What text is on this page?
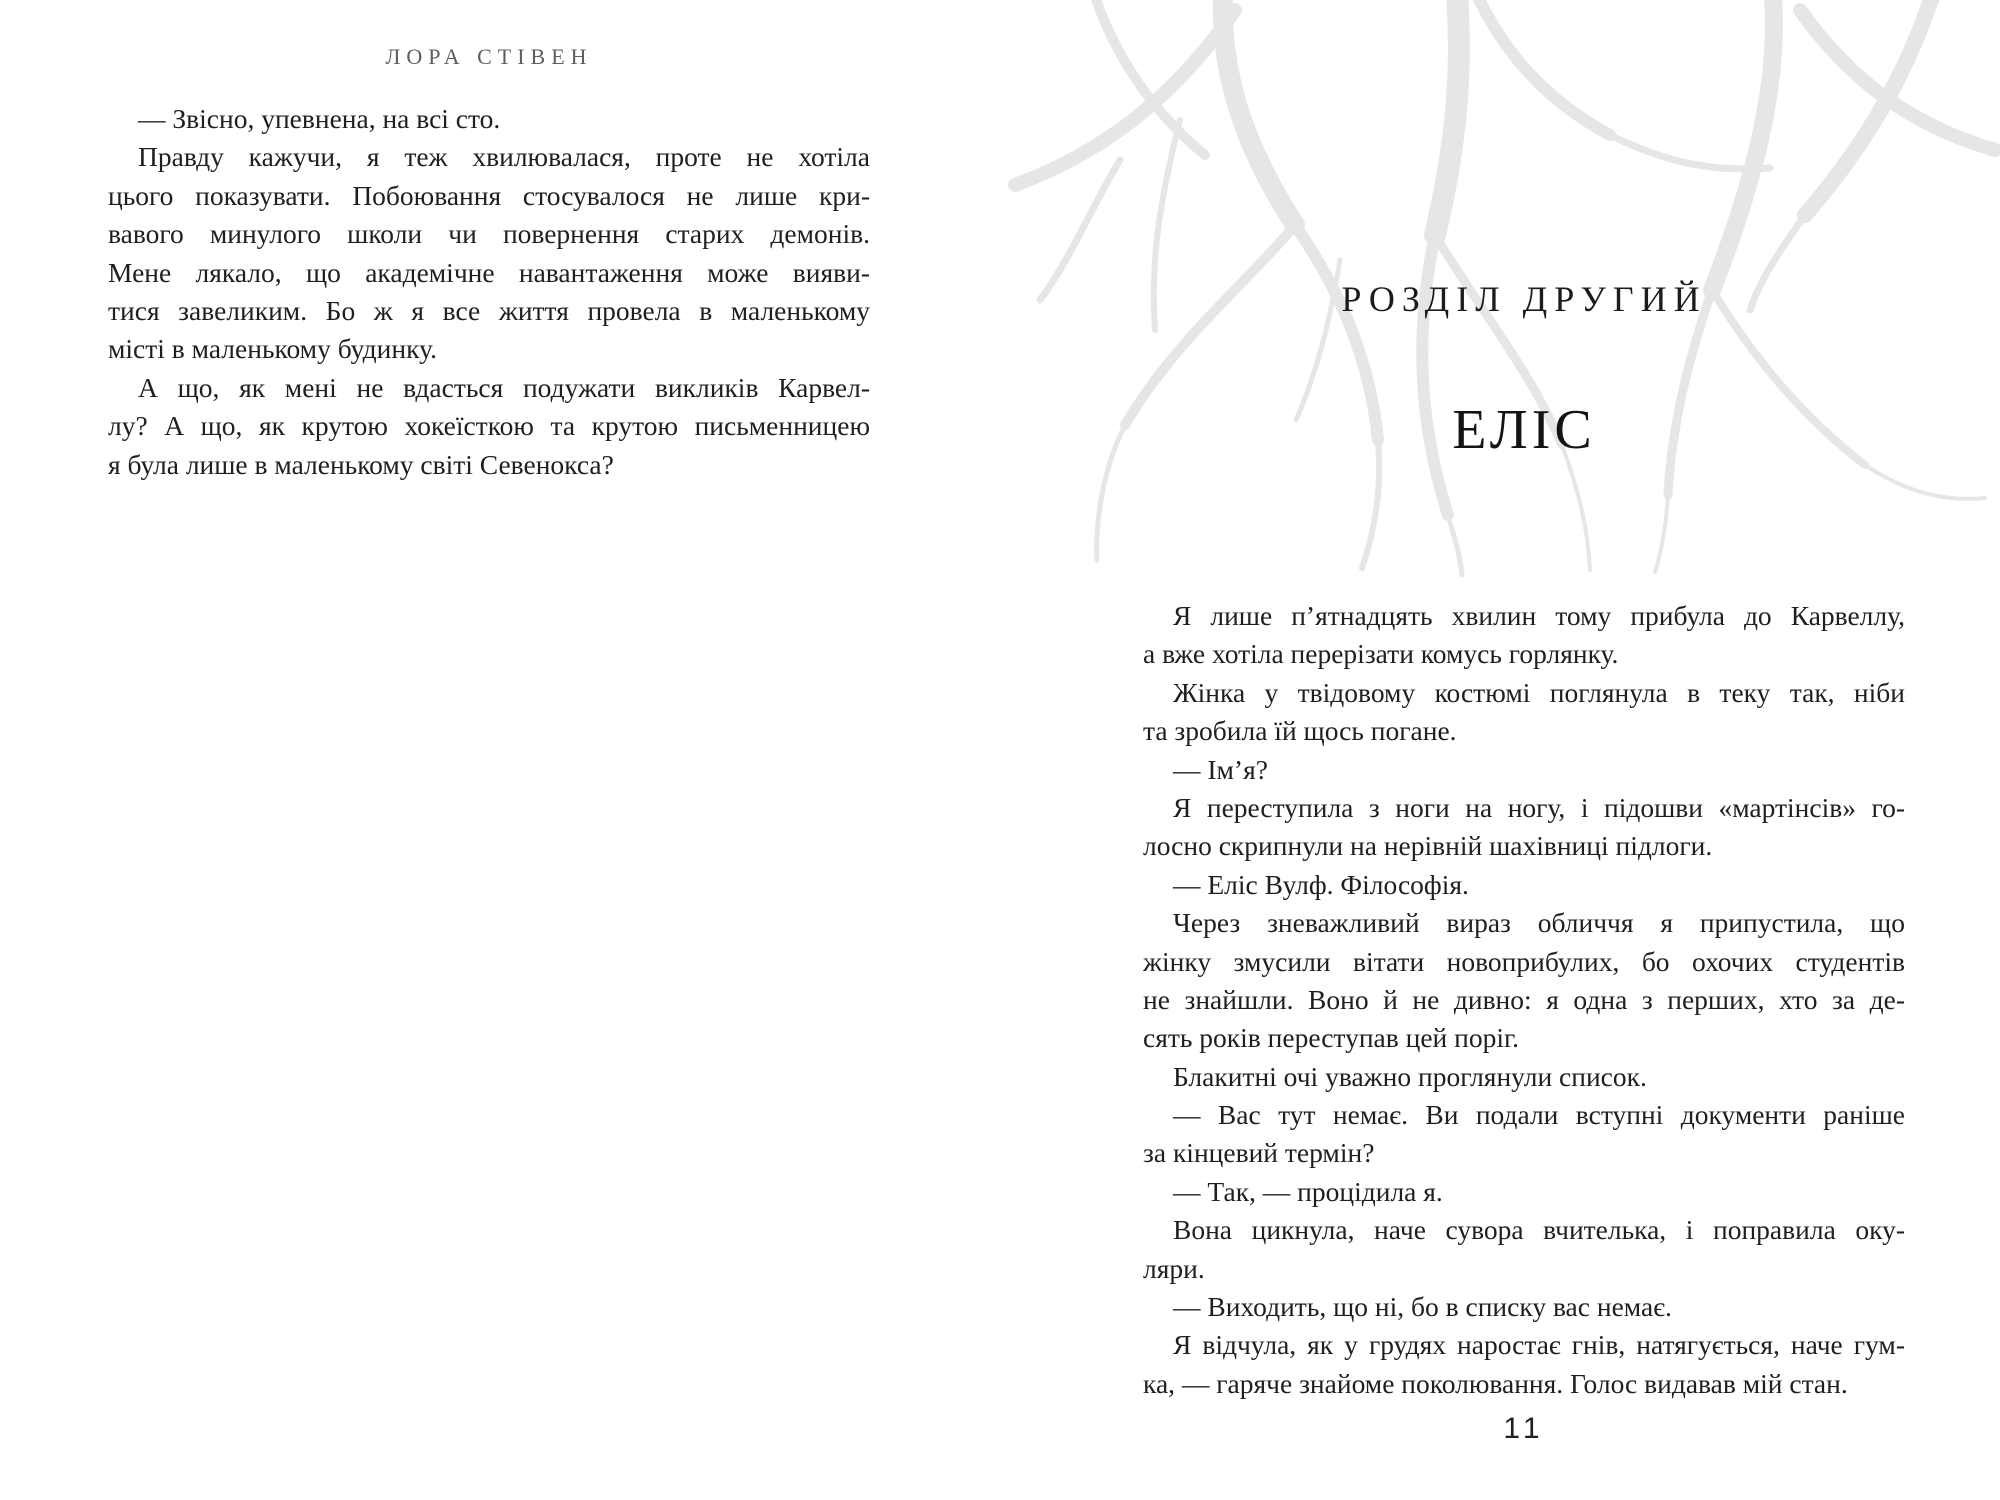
ЛОРА СТІВЕН
— Звісно, упевнена, на всі сто.
Правду кажучи, я теж хвилювалася, проте не хотіла
цього показувати. Побоювання стосувалося не лише кри-
вавого минулого школи чи повернення старих демонів.
Мене лякало, що академічне навантаження може вияви-
тися завеликим. Бо ж я все життя провела в маленькому
місті в маленькому будинку.
А що, як мені не вдасться подужати викликів Карвел-
лу? А що, як крутою хокеїсткою та крутою письменницею
я була лише в маленькому світі Севенокса?
РОЗДІЛ ДРУГИЙ
ЕЛІС
Я лише п’ятнадцять хвилин тому прибула до Карвеллу,
а вже хотіла перерізати комусь горлянку.
Жінка у твідовому костюмі поглянула в теку так, ніби
та зробила їй щось погане.
— Ім’я?
Я переступила з ноги на ногу, і підошви «мартінсів» го-
лосно скрипнули на нерівній шахівниці підлоги.
— Еліс Вулф. Філософія.
Через зневажливий вираз обличчя я припустила, що
жінку змусили вітати новоприбулих, бо охочих студентів
не знайшли. Воно й не дивно: я одна з перших, хто за де-
сять років переступав цей поріг.
Блакитні очі уважно проглянули список.
— Вас тут немає. Ви подали вступні документи раніше
за кінцевий термін?
— Так, — процідила я.
Вона цикнула, наче сувора вчителька, і поправила оку-
ляри.
— Виходить, що ні, бо в списку вас немає.
Я відчула, як у грудях наростає гнів, натягується, наче гум-
ка, — гаряче знайоме поколювання. Голос видавав мій стан.
11
